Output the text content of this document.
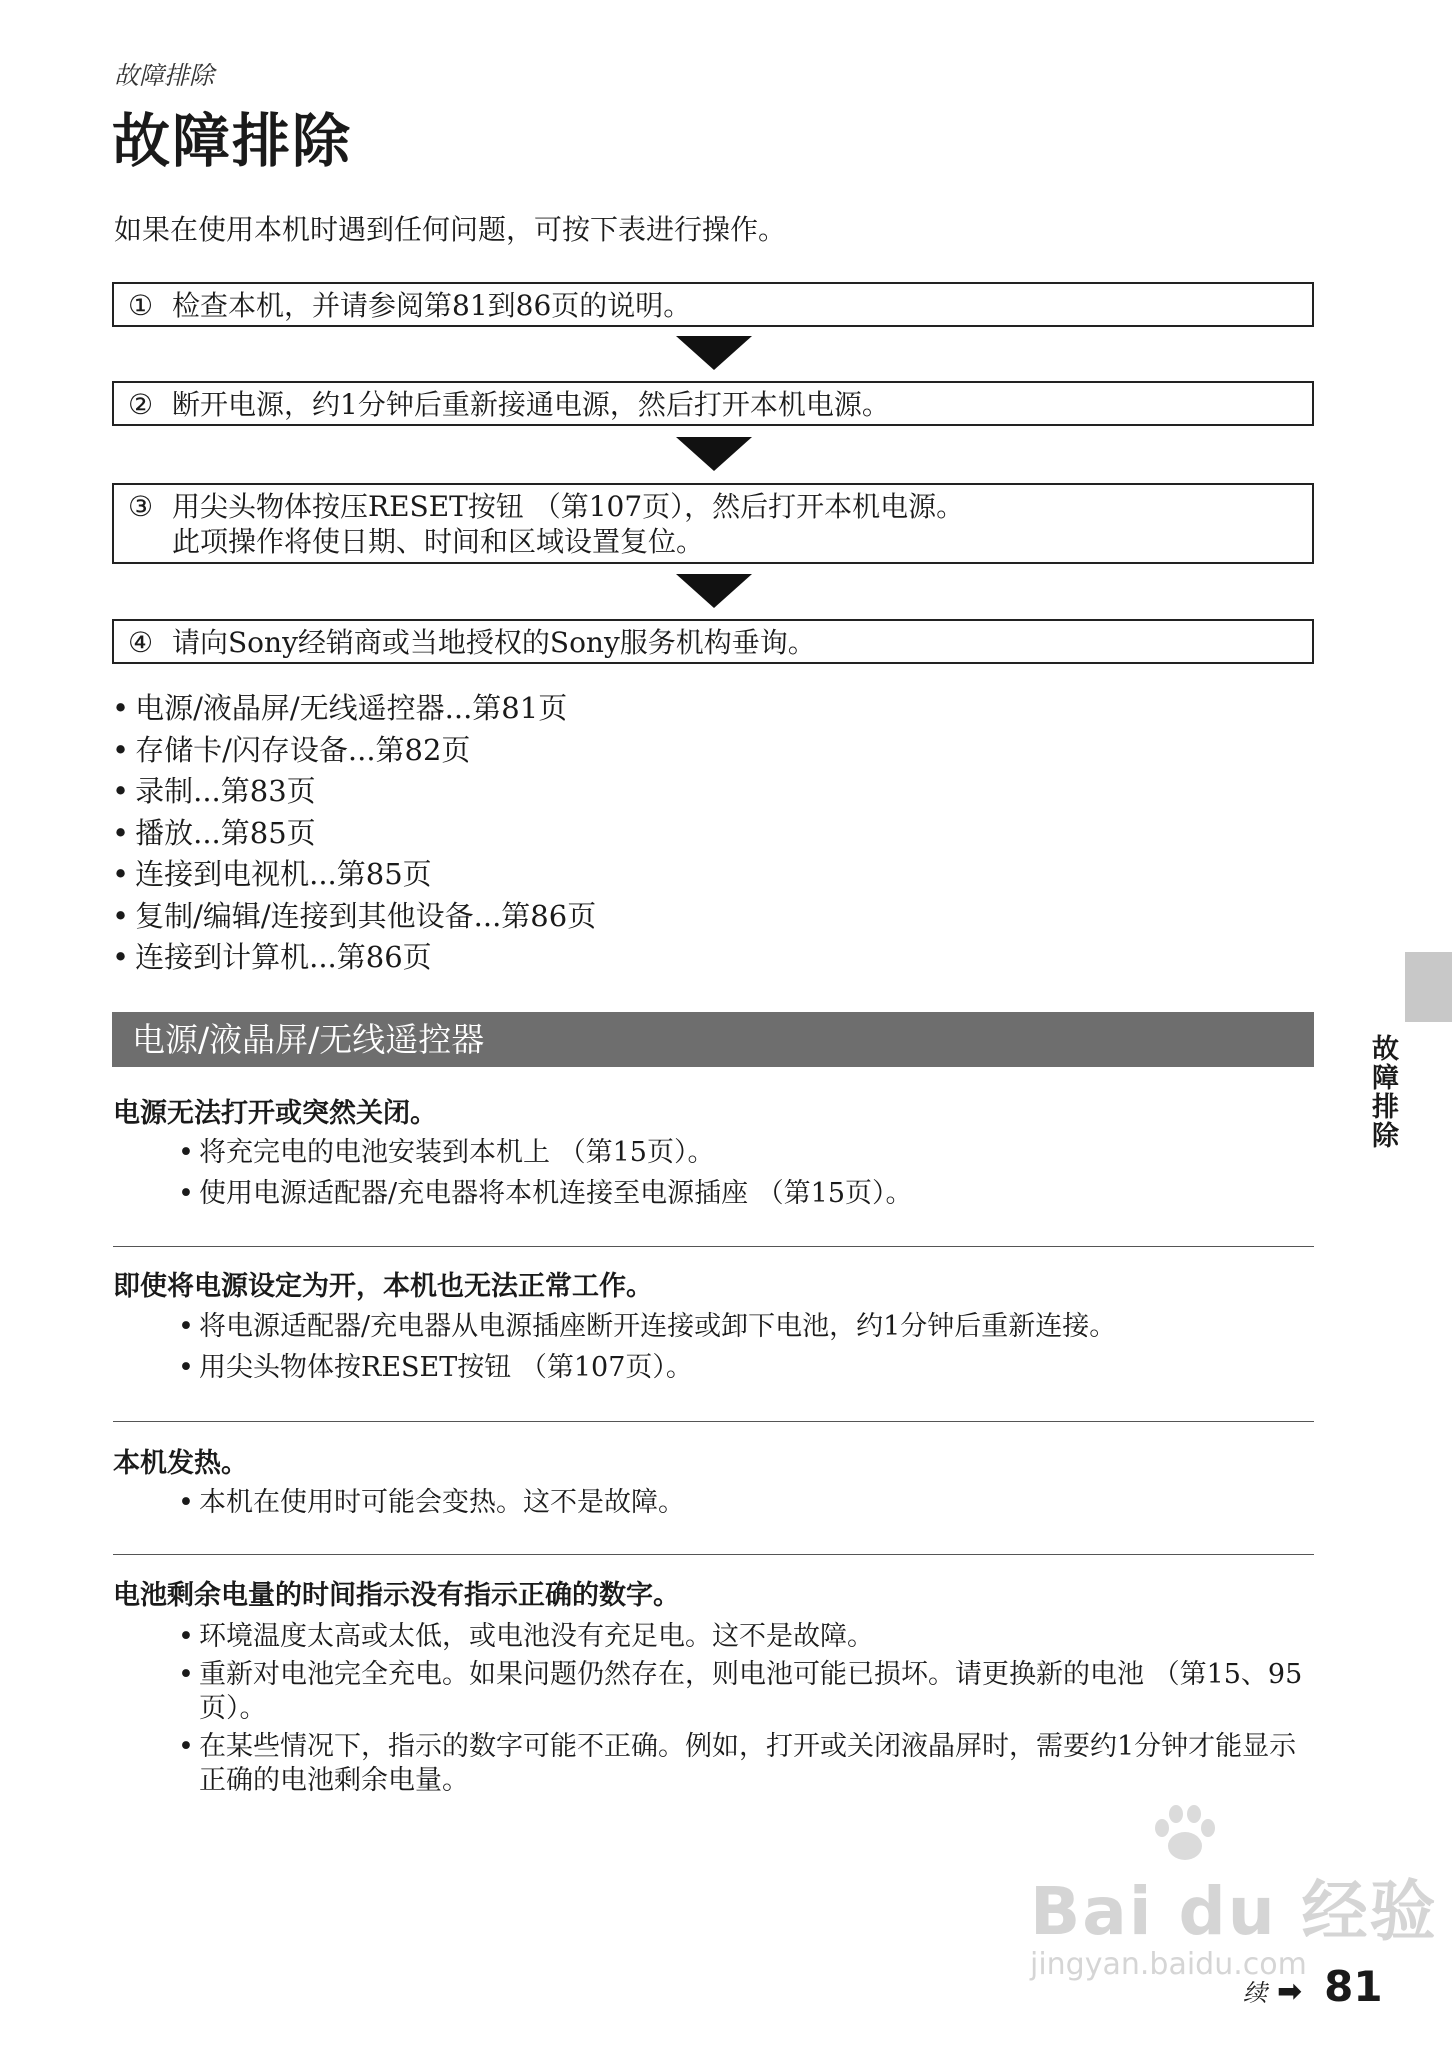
故障排除
故障排除
如果在使用本机时遇到任何问题，可按下表进行操作。
① 检查本机，并请参阅第81到86页的说明。
② 断开电源，约1分钟后重新接通电源，然后打开本机电源。
③ 用尖头物体按压RESET按钮 （第107页），然后打开本机电源。
此项操作将使日期、时间和区域设置复位。
④ 请向Sony经销商或当地授权的Sony服务机构垂询。
• 电源/液晶屏/无线遥控器...第81页
• 存储卡/闪存设备...第82页
• 录制...第83页
• 播放...第85页
• 连接到电视机...第85页
• 复制/编辑/连接到其他设备...第86页
• 连接到计算机...第86页
电源/液晶屏/无线遥控器
电源无法打开或突然关闭。
• 将充完电的电池安装到本机上 （第15页）。
• 使用电源适配器/充电器将本机连接至电源插座 （第15页）。
即使将电源设定为开，本机也无法正常工作。
• 将电源适配器/充电器从电源插座断开连接或卸下电池，约1分钟后重新连接。
• 用尖头物体按RESET按钮 （第107页）。
本机发热。
• 本机在使用时可能会变热。这不是故障。
电池剩余电量的时间指示没有指示正确的数字。
• 环境温度太高或太低，或电池没有充足电。这不是故障。
• 重新对电池完全充电。如果问题仍然存在，则电池可能已损坏。请更换新的电池 （第15、95页）。
• 在某些情况下，指示的数字可能不正确。例如，打开或关闭液晶屏时，需要约1分钟才能显示正确的电池剩余电量。
故障排除
Bai du 经验
jingyan.baidu.com
续 ➡ 81
